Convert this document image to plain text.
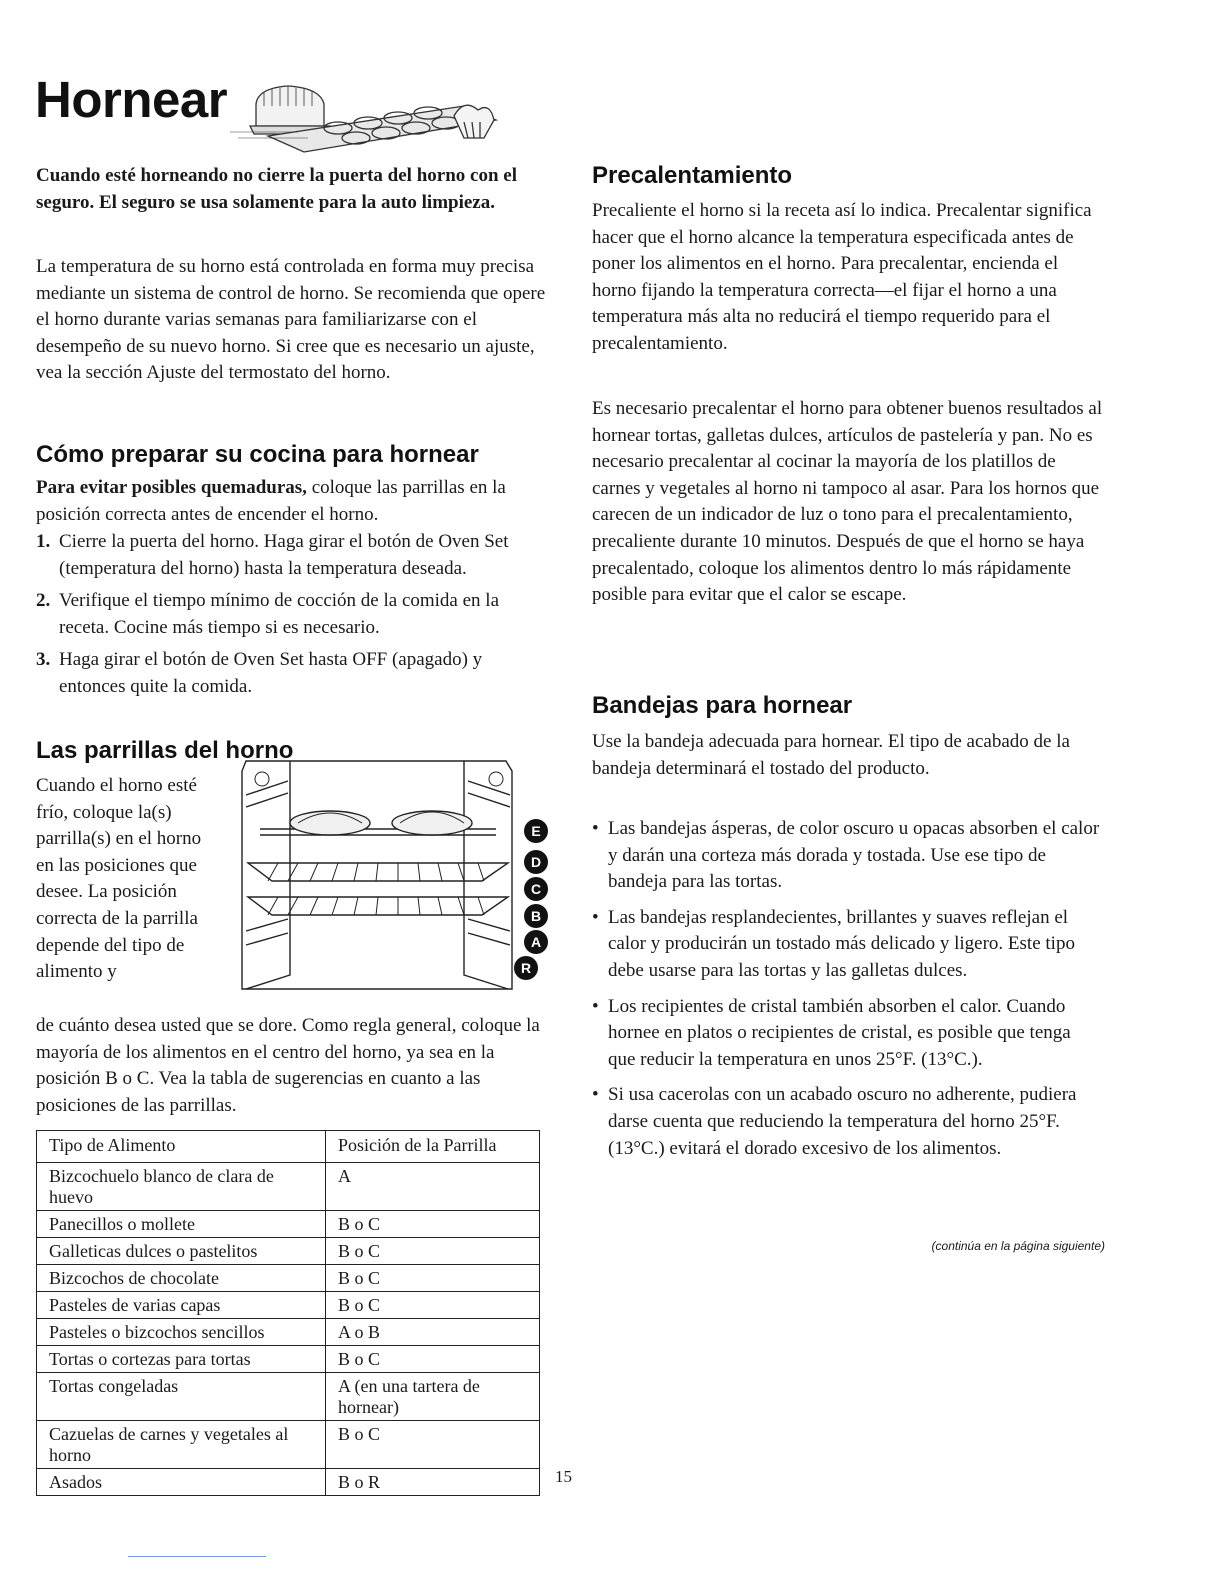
Hornear

Cuando esté horneando no cierre la puerta del horno con el seguro. El seguro se usa solamente para la auto limpieza.

La temperatura de su horno está controlada en forma muy precisa mediante un sistema de control de horno. Se recomienda que opere el horno durante varias semanas para familiarizarse con el desempeño de su nuevo horno. Si cree que es necesario un ajuste, vea la sección Ajuste del termostato del horno.

Cómo preparar su cocina para hornear

Para evitar posibles quemaduras, coloque las parrillas en la posición correcta antes de encender el horno.

1. Cierre la puerta del horno. Haga girar el botón de Oven Set (temperatura del horno) hasta la temperatura deseada.
2. Verifique el tiempo mínimo de cocción de la comida en la receta. Cocine más tiempo si es necesario.
3. Haga girar el botón de Oven Set hasta OFF (apagado) y entonces quite la comida.
Las parrillas del horno

Cuando el horno esté frío, coloque la(s) parrilla(s) en el horno en las posiciones que desee. La posición correcta de la parrilla depende del tipo de alimento y

E
D
C
B
A
R

de cuánto desea usted que se dore. Como regla general, coloque la mayoría de los alimentos en el centro del horno, ya sea en la posición B o C. Vea la tabla de sugerencias en cuanto a las posiciones de las parrillas.

Tipo de Alimento	Posición de la Parrilla
Bizcochuelo blanco de clara de huevo	A
Panecillos o mollete	B o C
Galleticas dulces o pastelitos	B o C
Bizcochos de chocolate	B o C
Pasteles de varias capas	B o C
Pasteles o bizcochos sencillos	A o B
Tortas o cortezas para tortas	B o C
Tortas congeladas	A (en una tartera de hornear)
Cazuelas de carnes y vegetales al horno	B o C
Asados	B o R
Precalentamiento

Precaliente el horno si la receta así lo indica. Precalentar significa hacer que el horno alcance la temperatura especificada antes de poner los alimentos en el horno. Para precalentar, encienda el horno fijando la temperatura correcta—el fijar el horno a una temperatura más alta no reducirá el tiempo requerido para el precalentamiento.

Es necesario precalentar el horno para obtener buenos resultados al hornear tortas, galletas dulces, artículos de pastelería y pan. No es necesario precalentar al cocinar la mayoría de los platillos de carnes y vegetales al horno ni tampoco al asar. Para los hornos que carecen de un indicador de luz o tono para el precalentamiento, precaliente durante 10 minutos. Después de que el horno se haya precalentado, coloque los alimentos dentro lo más rápidamente posible para evitar que el calor se escape.

Bandejas para hornear

Use la bandeja adecuada para hornear. El tipo de acabado de la bandeja determinará el tostado del producto.

• Las bandejas ásperas, de color oscuro u opacas absorben el calor y darán una corteza más dorada y tostada. Use ese tipo de bandeja para las tortas.
• Las bandejas resplandecientes, brillantes y suaves reflejan el calor y producirán un tostado más delicado y ligero. Este tipo debe usarse para las tortas y las galletas dulces.
• Los recipientes de cristal también absorben el calor. Cuando hornee en platos o recipientes de cristal, es posible que tenga que reducir la temperatura en unos 25°F. (13°C.).
• Si usa cacerolas con un acabado oscuro no adherente, pudiera darse cuenta que reduciendo la temperatura del horno 25°F. (13°C.) evitará el dorado excesivo de los alimentos.
(continúa en la página siguiente)
15
